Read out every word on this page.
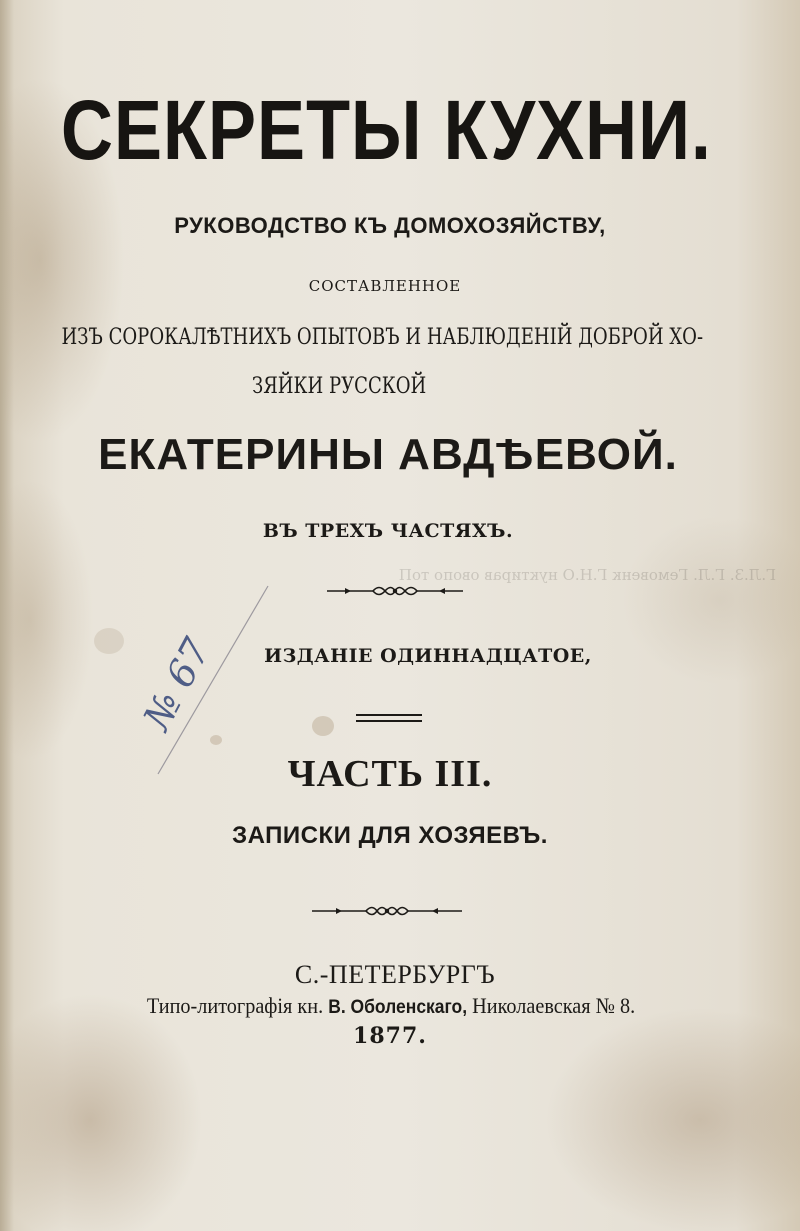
СЕКРЕТЫ КУХНИ.

РУКОВОДСТВО КЪ ДОМОХОЗЯЙСТВУ,

СОСТАВЛЕННОЕ

ИЗЪ СОРОКАЛѢТНИХЪ ОПЫТОВЪ И НАБЛЮДЕНІЙ ДОБРОЙ ХО-

ЗЯЙКИ РУССКОЙ

ЕКАТЕРИНЫ АВДѢЕВОЙ.

ВЪ ТРЕХЪ ЧАСТЯХЪ.

Г.Л.З. Г.Л. Гемовенк Г.Н.О нуктирав овопо тоП

ИЗДАНІЕ ОДИННАДЦАТОЕ,

№ 67

ЧАСТЬ III.

ЗАПИСКИ ДЛЯ ХОЗЯЕВЪ.

С.-ПЕТЕРБУРГЪ

Типо-литографія кн. В. Оболенскаго, Николаевская № 8.

1877.
